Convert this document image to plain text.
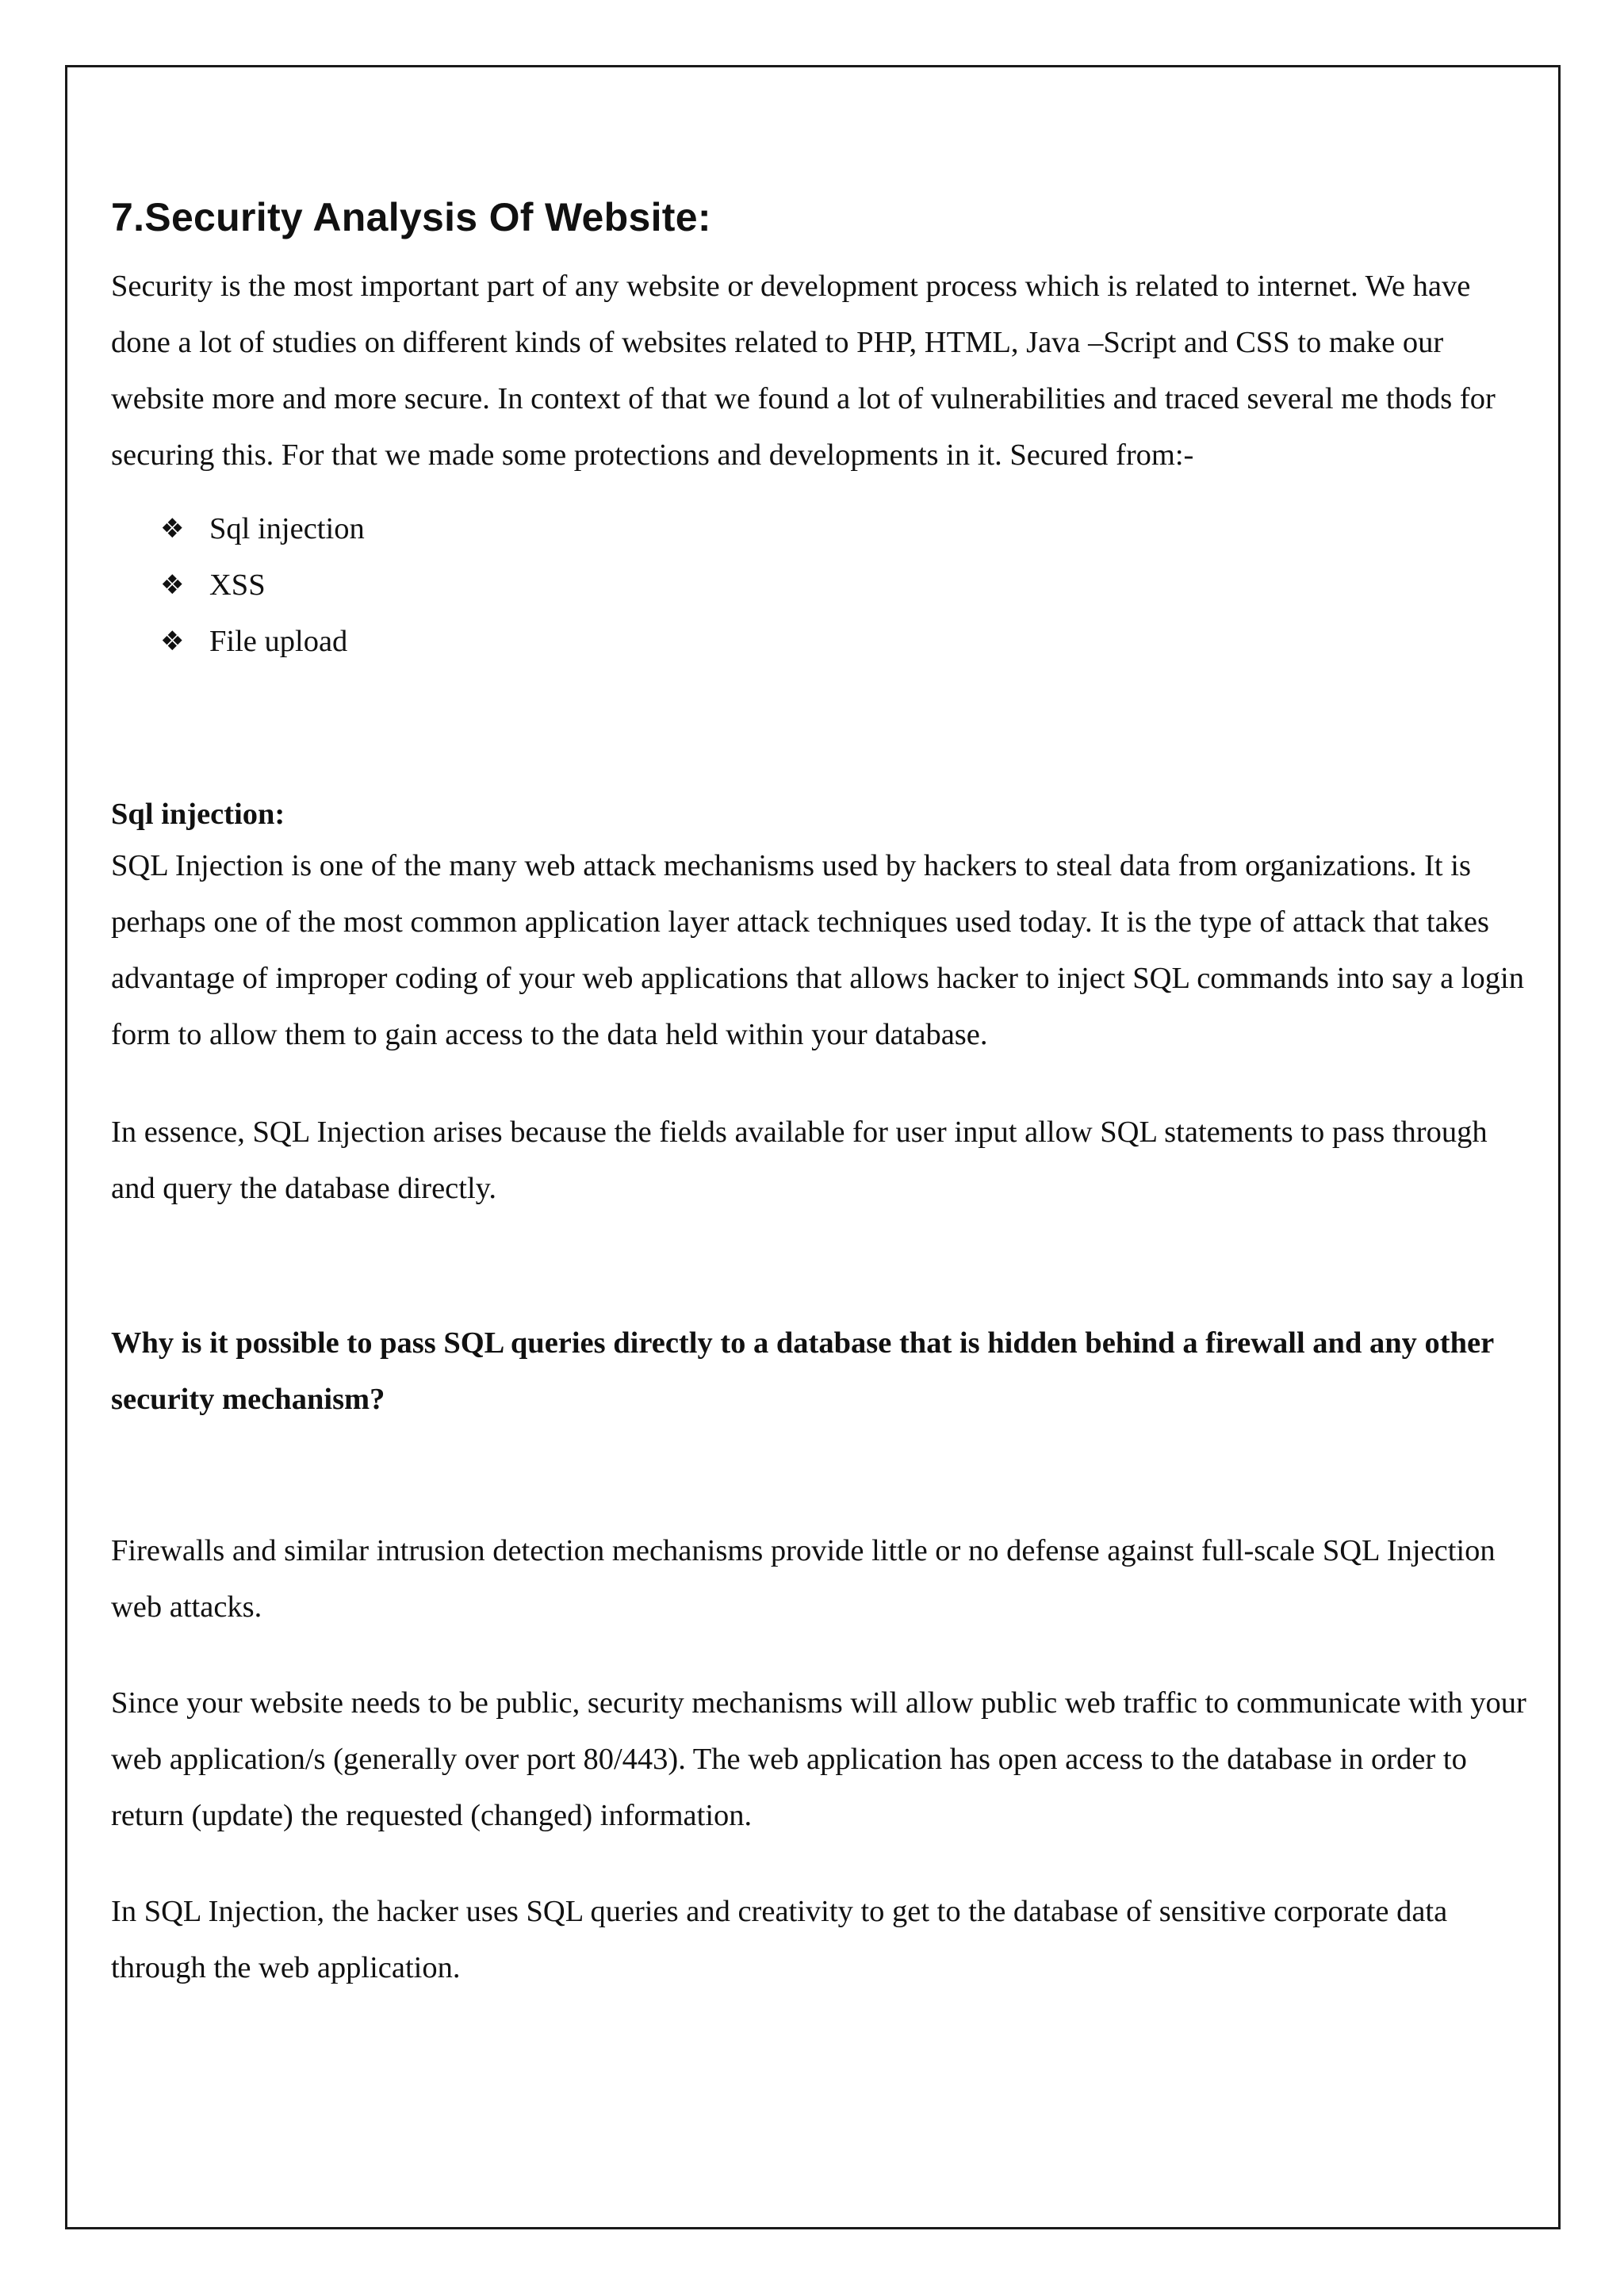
7.Security Analysis Of Website:

Security is the most important part of any website or development process which is related to internet. We have done a lot of studies on different kinds of websites related to PHP, HTML, Java –Script and CSS to make our website more and more secure. In context of that we found a lot of vulnerabilities and traced several me thods for securing this. For that we made some protections and developments in it. Secured from:-

❖ Sql injection
❖ XSS
❖ File upload
Sql injection:

SQL Injection is one of the many web attack mechanisms used by hackers to steal data from organizations. It is perhaps one of the most common application layer attack techniques used today. It is the type of attack that takes advantage of improper coding of your web applications that allows hacker to inject SQL commands into say a login form to allow them to gain access to the data held within your database.

In essence, SQL Injection arises because the fields available for user input allow SQL statements to pass through and query the database directly.

Why is it possible to pass SQL queries directly to a database that is hidden behind a firewall and any other security mechanism?

Firewalls and similar intrusion detection mechanisms provide little or no defense against full-scale SQL Injection web attacks.

Since your website needs to be public, security mechanisms will allow public web traffic to communicate with your web application/s (generally over port 80/443). The web application has open access to the database in order to return (update) the requested (changed) information.

In SQL Injection, the hacker uses SQL queries and creativity to get to the database of sensitive corporate data through the web application.
